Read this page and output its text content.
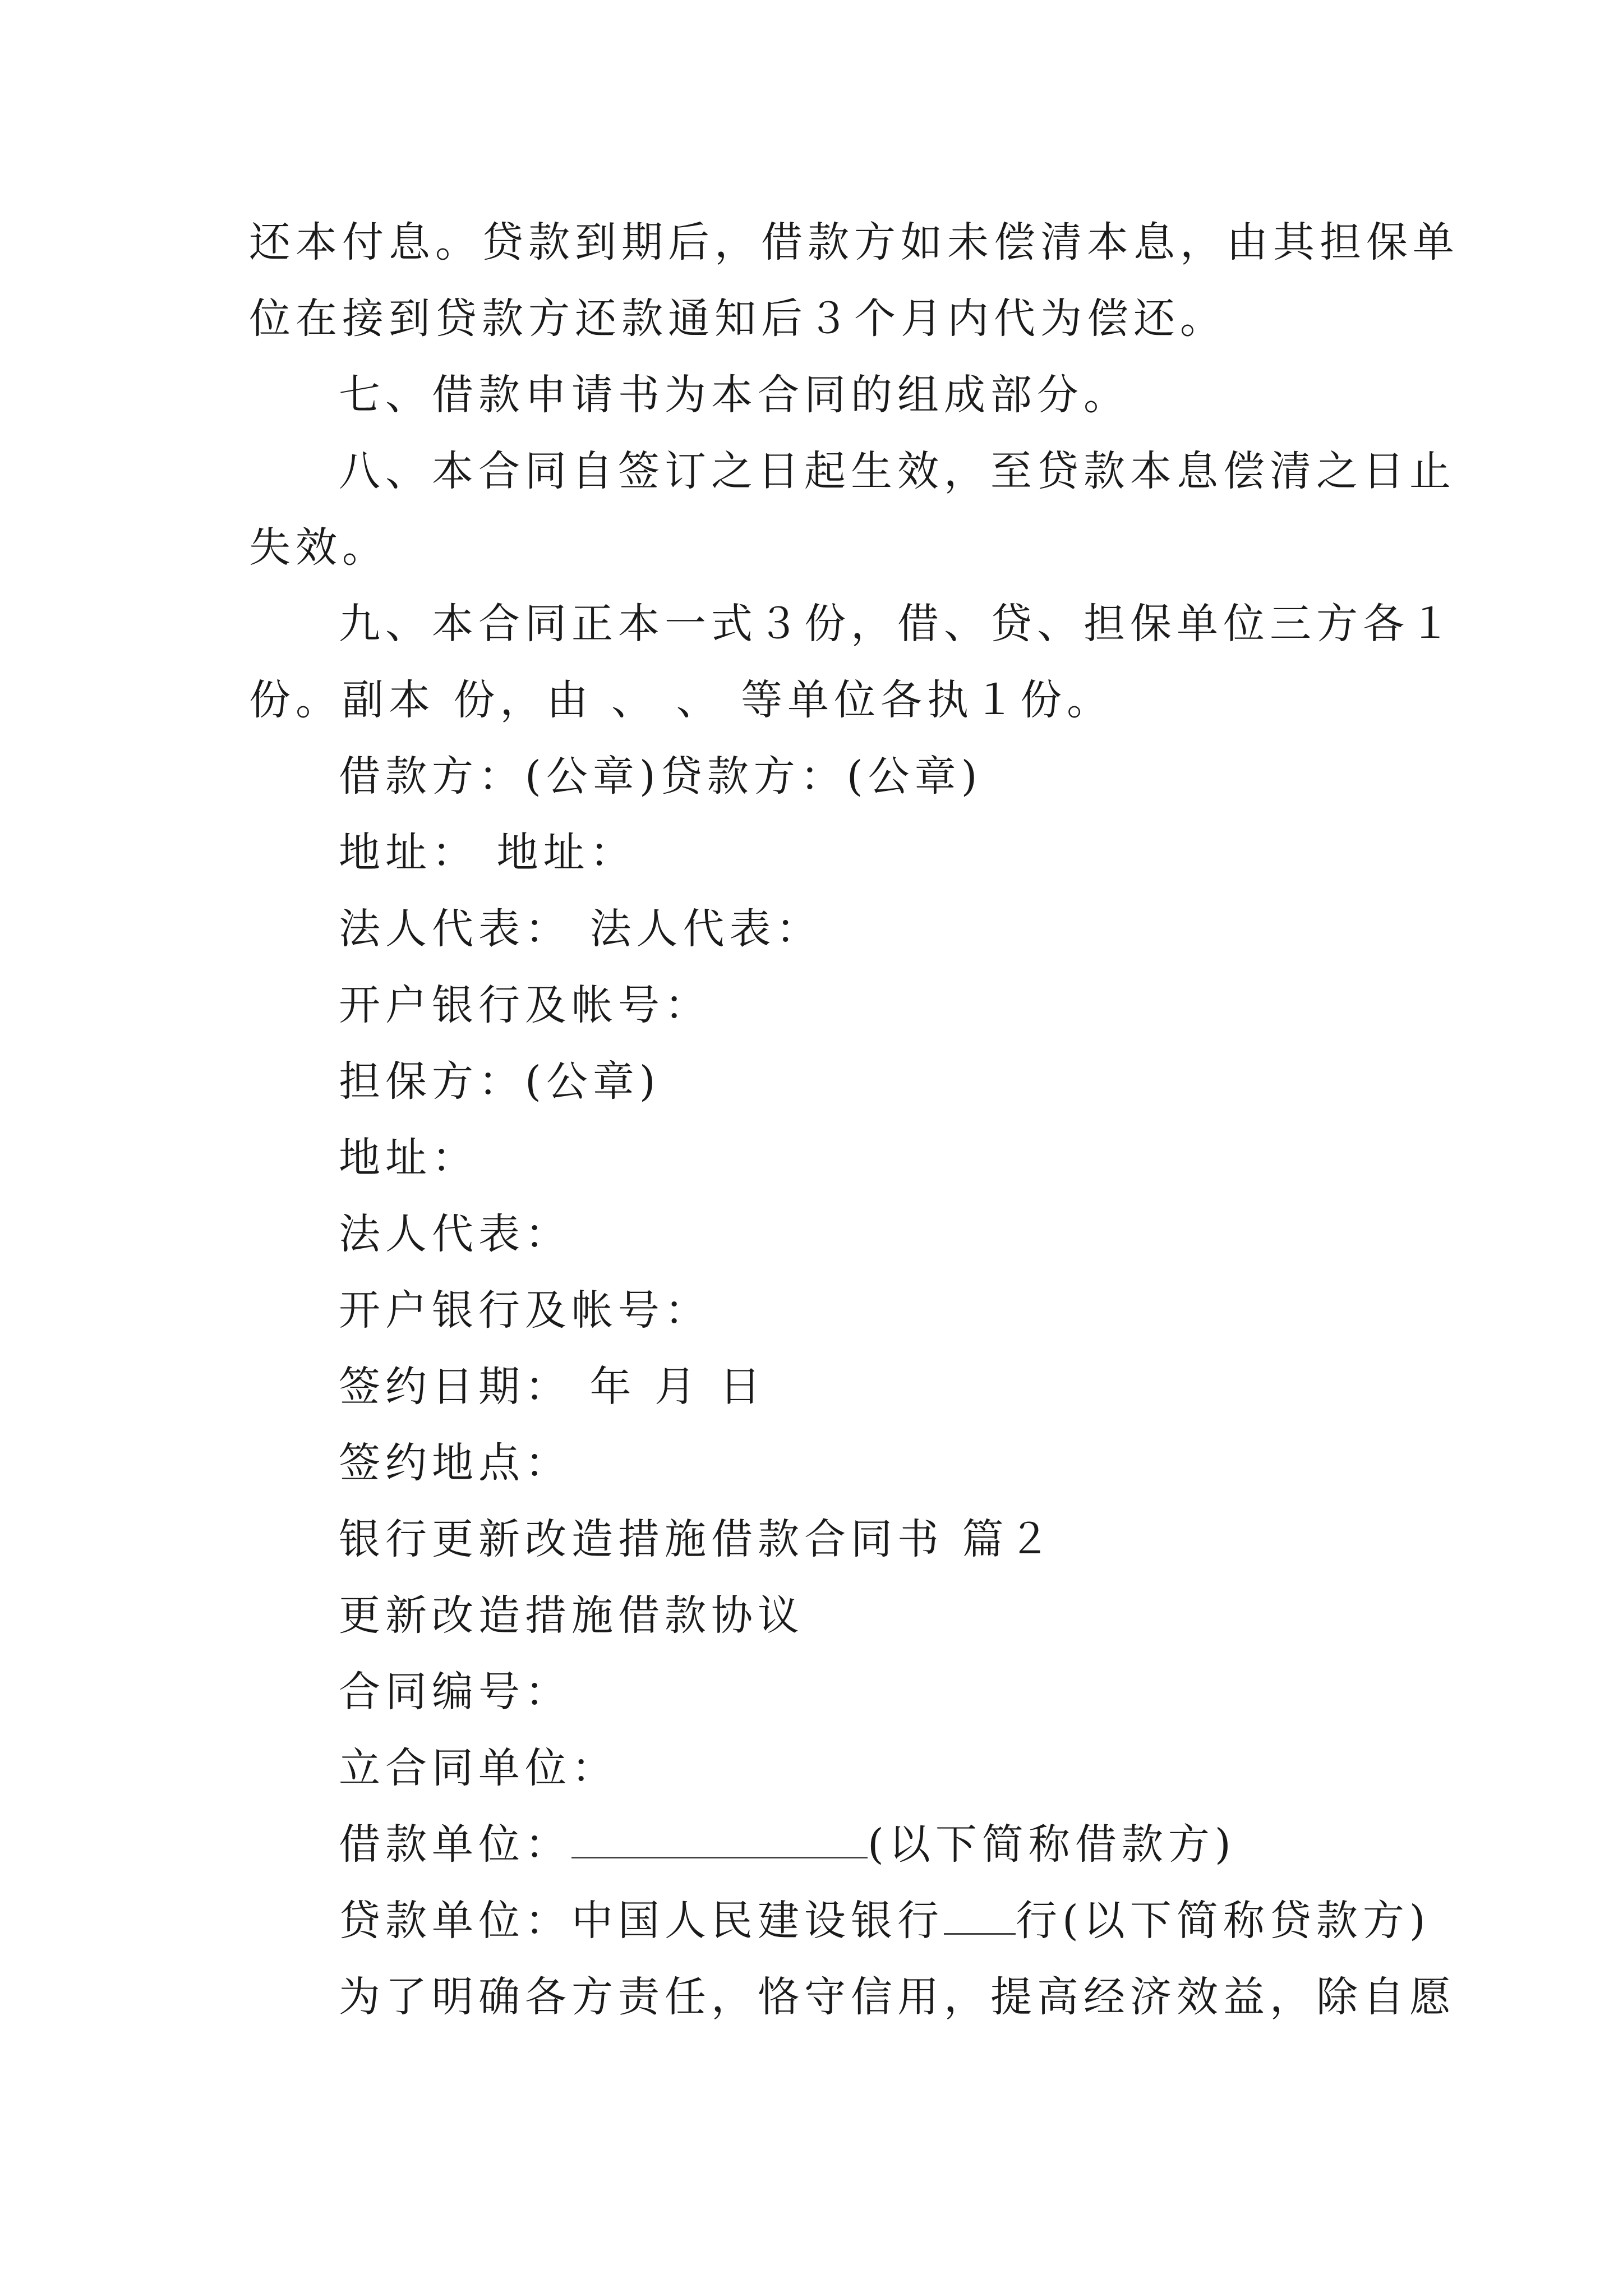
还本付息。贷款到期后，借款方如未偿清本息，由其担保单
位在接到贷款方还款通知后３个月内代为偿还。
七、借款申请书为本合同的组成部分。
八、本合同自签订之日起生效，至贷款本息偿清之日止
失效。
九、本合同正本一式３份，借、贷、担保单位三方各１
份。副本 份，由 、 、 等单位各执１份。
借款方：(公章)贷款方：(公章)
地址： 地址：
法人代表： 法人代表：
开户银行及帐号：
担保方：(公章)
地址：
法人代表：
开户银行及帐号：
签约日期： 年 月 日
签约地点：
银行更新改造措施借款合同书 篇２
更新改造措施借款协议
合同编号：
立合同单位：
借款单位：	(以下简称借款方)
贷款单位：中国人民建设银行 行(以下简称贷款方)
为了明确各方责任，恪守信用，提高经济效益，除自愿
